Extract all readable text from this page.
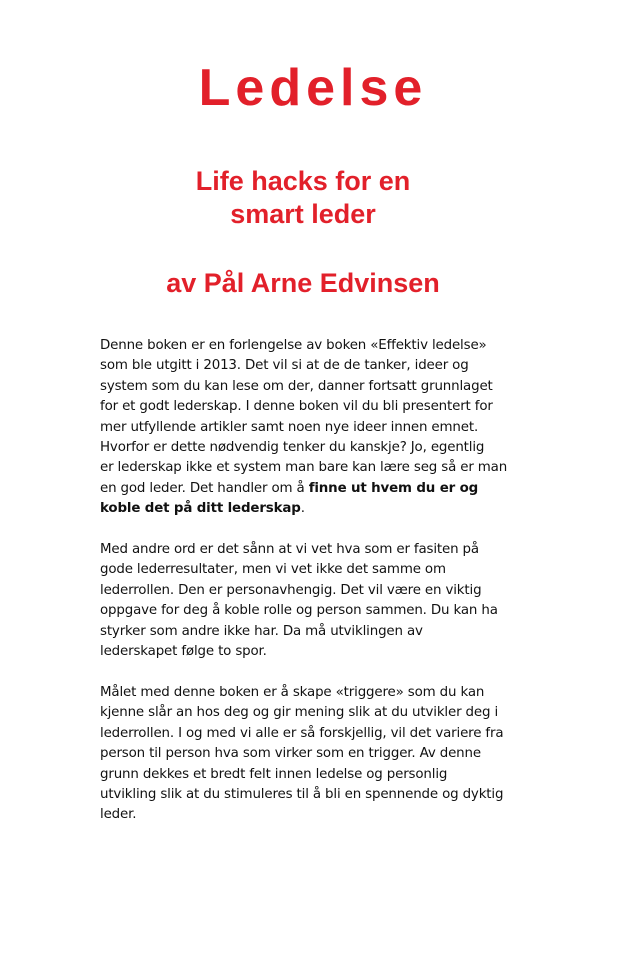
Ledelse
Life hacks for en
smart leder
av Pål Arne Edvinsen

Denne boken er en forlengelse av boken «Effektiv ledelse»
som ble utgitt i 2013. Det vil si at de de tanker, ideer og
system som du kan lese om der, danner fortsatt grunnlaget
for et godt lederskap. I denne boken vil du bli presentert for
mer utfyllende artikler samt noen nye ideer innen emnet.
Hvorfor er dette nødvendig tenker du kanskje? Jo, egentlig
er lederskap ikke et system man bare kan lære seg så er man
en god leder. Det handler om å finne ut hvem du er og
koble det på ditt lederskap.

Med andre ord er det sånn at vi vet hva som er fasiten på
gode lederresultater, men vi vet ikke det samme om
lederrollen. Den er personavhengig. Det vil være en viktig
oppgave for deg å koble rolle og person sammen. Du kan ha
styrker som andre ikke har. Da må utviklingen av
lederskapet følge to spor.

Målet med denne boken er å skape «triggere» som du kan
kjenne slår an hos deg og gir mening slik at du utvikler deg i
lederrollen. I og med vi alle er så forskjellig, vil det variere fra
person til person hva som virker som en trigger. Av denne
grunn dekkes et bredt felt innen ledelse og personlig
utvikling slik at du stimuleres til å bli en spennende og dyktig
leder.
